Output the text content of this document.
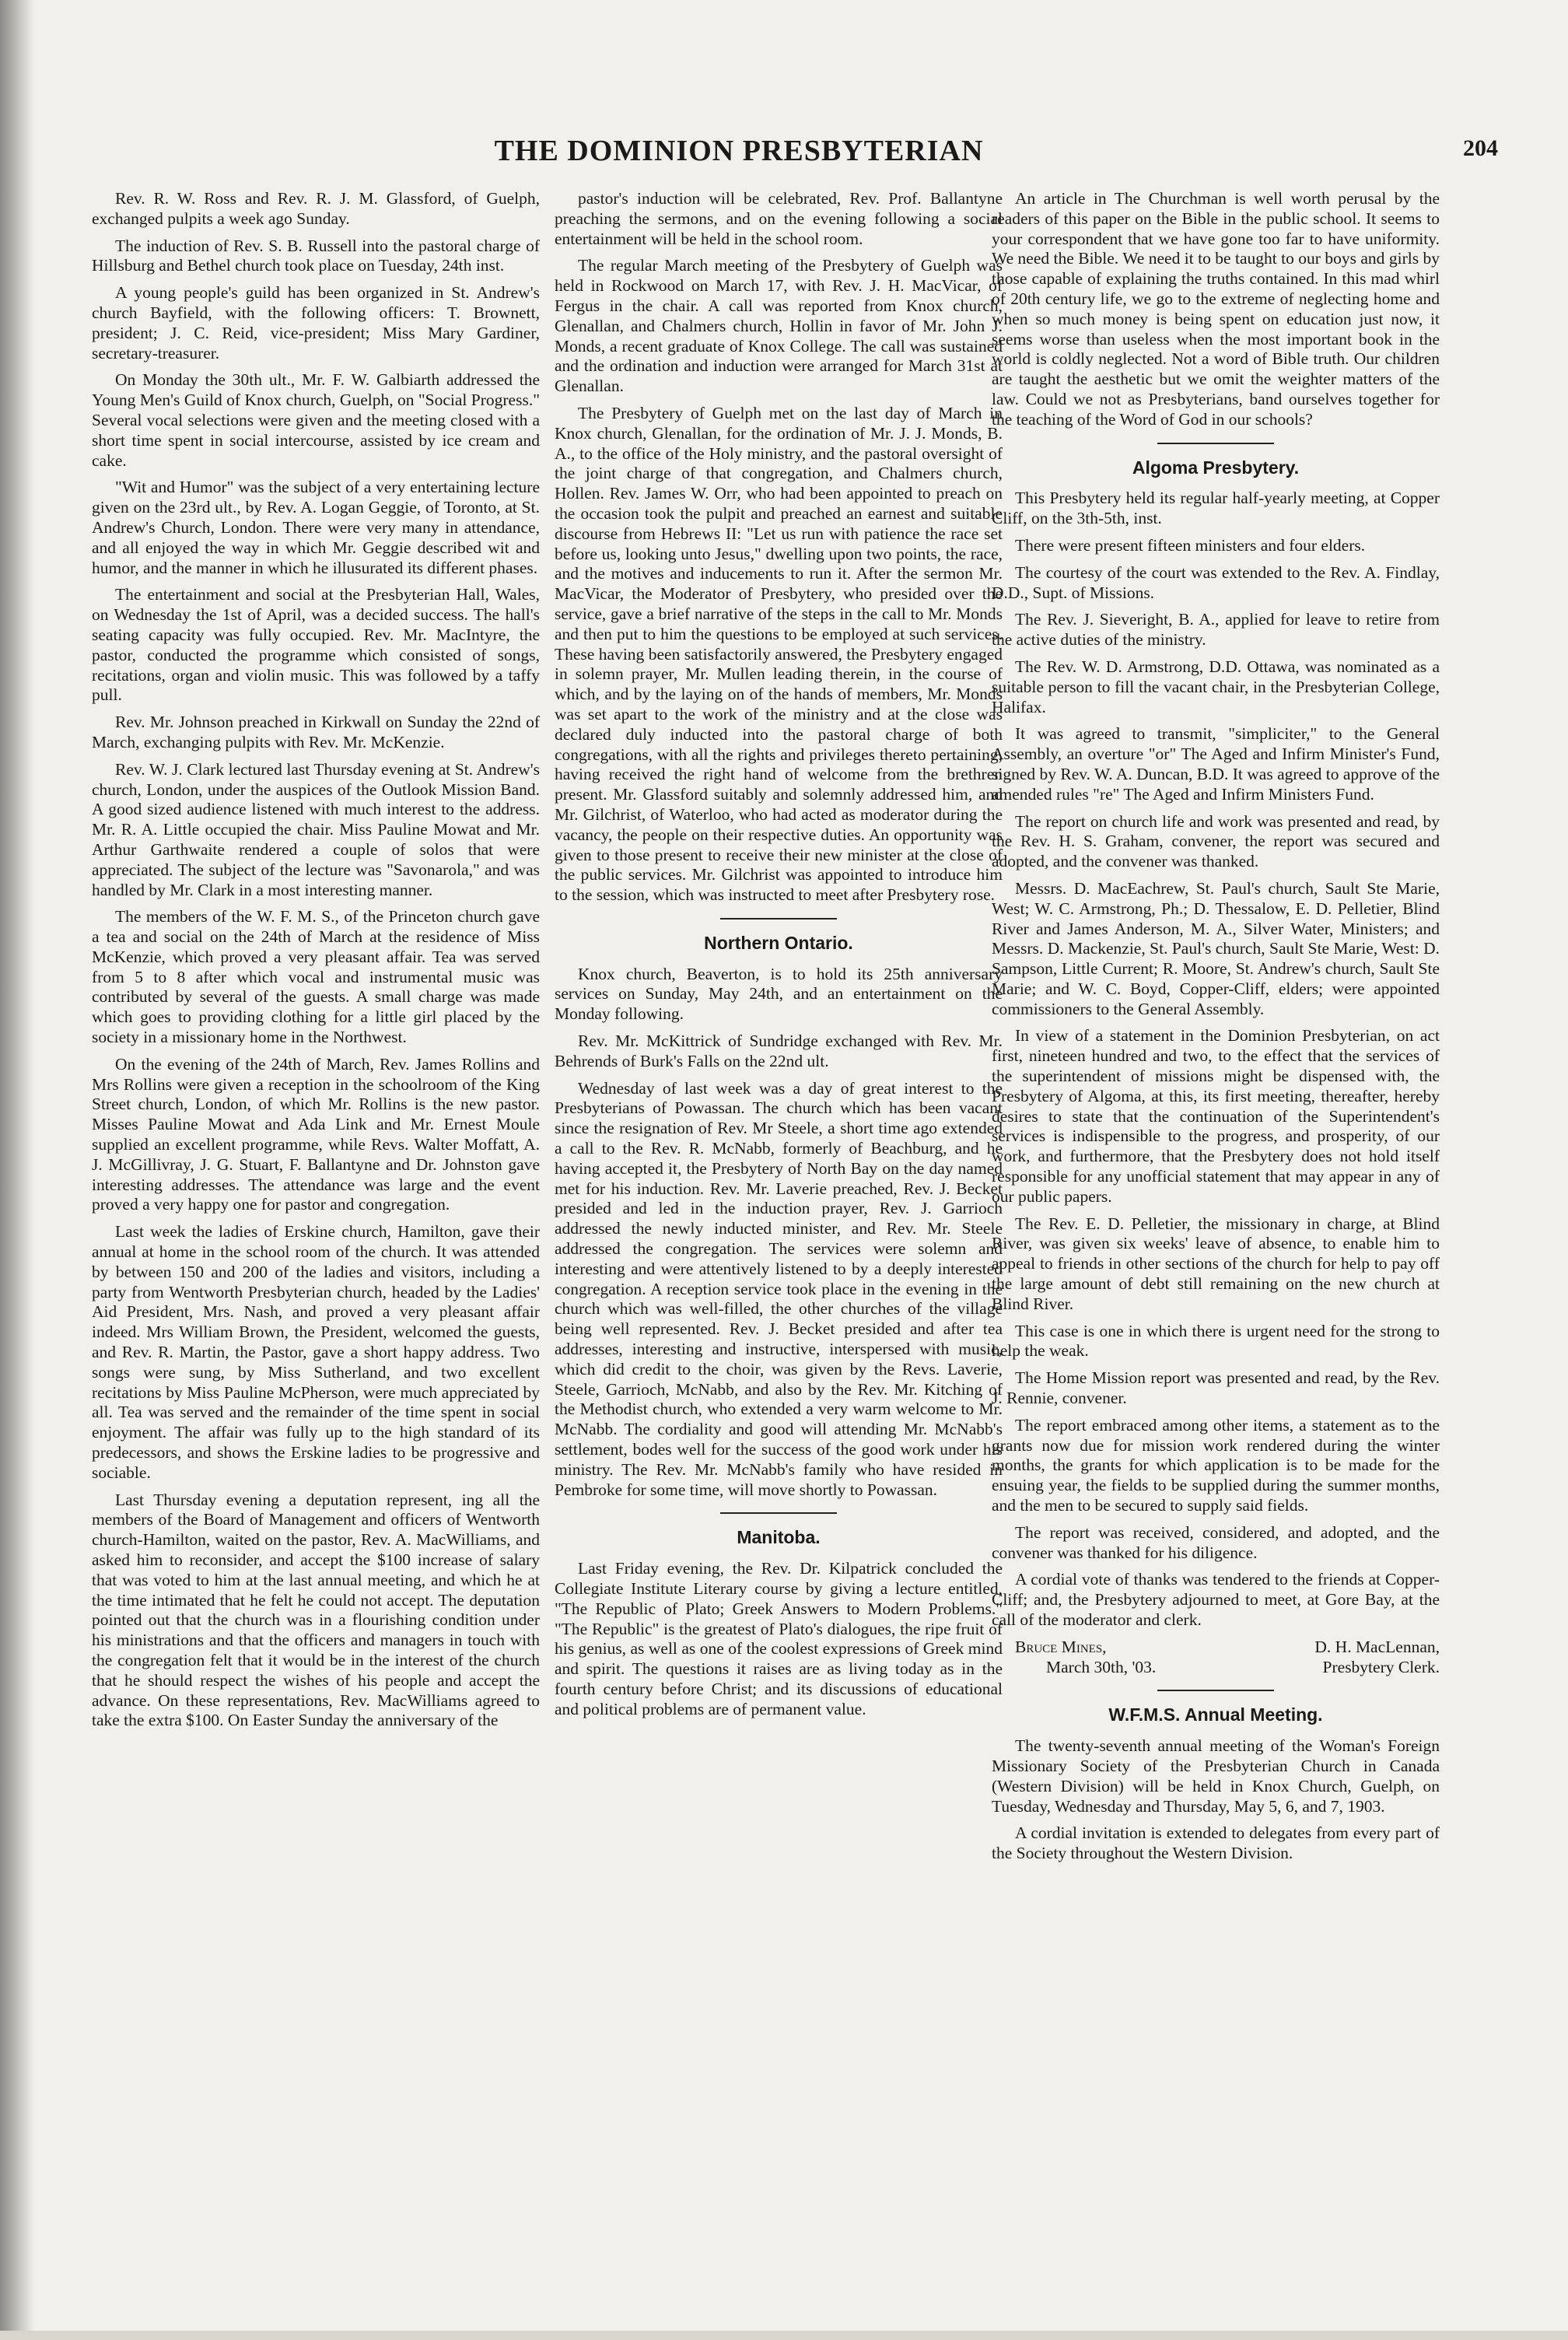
THE DOMINION PRESBYTERIAN	204

Rev. R. W. Ross and Rev. R. J. M. Glassford, of Guelph, exchanged pulpits a week ago Sunday.

The induction of Rev. S. B. Russell into the pastoral charge of Hillsburg and Bethel church took place on Tuesday, 24th inst.

A young people's guild has been organized in St. Andrew's church Bayfield, with the following officers: T. Brownett, president; J. C. Reid, vice-president; Miss Mary Gardiner, secretary-treasurer.

On Monday the 30th ult., Mr. F. W. Galbiarth addressed the Young Men's Guild of Knox church, Guelph, on "Social Progress." Several vocal selections were given and the meeting closed with a short time spent in social intercourse, assisted by ice cream and cake.

"Wit and Humor" was the subject of a very entertaining lecture given on the 23rd ult., by Rev. A. Logan Geggie, of Toronto, at St. Andrew's Church, London. There were very many in attendance, and all enjoyed the way in which Mr. Geggie described wit and humor, and the manner in which he illusurated its different phases.

The entertainment and social at the Presbyterian Hall, Wales, on Wednesday the 1st of April, was a decided success. The hall's seating capacity was fully occupied. Rev. Mr. MacIntyre, the pastor, conducted the programme which consisted of songs, recitations, organ and violin music. This was followed by a taffy pull.

Rev. Mr. Johnson preached in Kirkwall on Sunday the 22nd of March, exchanging pulpits with Rev. Mr. McKenzie.

Rev. W. J. Clark lectured last Thursday evening at St. Andrew's church, London, under the auspices of the Outlook Mission Band. A good sized audience listened with much interest to the address. Mr. R. A. Little occupied the chair. Miss Pauline Mowat and Mr. Arthur Garthwaite rendered a couple of solos that were appreciated. The subject of the lecture was "Savonarola," and was handled by Mr. Clark in a most interesting manner.

The members of the W. F. M. S., of the Princeton church gave a tea and social on the 24th of March at the residence of Miss McKenzie, which proved a very pleasant affair. Tea was served from 5 to 8 after which vocal and instrumental music was contributed by several of the guests. A small charge was made which goes to providing clothing for a little girl placed by the society in a missionary home in the Northwest.

On the evening of the 24th of March, Rev. James Rollins and Mrs Rollins were given a reception in the schoolroom of the King Street church, London, of which Mr. Rollins is the new pastor. Misses Pauline Mowat and Ada Link and Mr. Ernest Moule supplied an excellent programme, while Revs. Walter Moffatt, A. J. McGillivray, J. G. Stuart, F. Ballantyne and Dr. Johnston gave interesting addresses. The attendance was large and the event proved a very happy one for pastor and congregation.

Last week the ladies of Erskine church, Hamilton, gave their annual at home in the school room of the church. It was attended by between 150 and 200 of the ladies and visitors, including a party from Wentworth Presbyterian church, headed by the Ladies' Aid President, Mrs. Nash, and proved a very pleasant affair indeed. Mrs William Brown, the President, welcomed the guests, and Rev. R. Martin, the Pastor, gave a short happy address. Two songs were sung, by Miss Sutherland, and two excellent recitations by Miss Pauline McPherson, were much appreciated by all. Tea was served and the remainder of the time spent in social enjoyment. The affair was fully up to the high standard of its predecessors, and shows the Erskine ladies to be progressive and sociable.

Last Thursday evening a deputation represent, ing all the members of the Board of Management and officers of Wentworth church-Hamilton, waited on the pastor, Rev. A. MacWilliams, and asked him to reconsider, and accept the $100 increase of salary that was voted to him at the last annual meeting, and which he at the time intimated that he felt he could not accept. The deputation pointed out that the church was in a flourishing condition under his ministrations and that the officers and managers in touch with the congregation felt that it would be in the interest of the church that he should respect the wishes of his people and accept the advance. On these representations, Rev. MacWilliams agreed to take the extra $100. On Easter Sunday the anniversary of the

pastor's induction will be celebrated, Rev. Prof. Ballantyne preaching the sermons, and on the evening following a social entertainment will be held in the school room.

The regular March meeting of the Presbytery of Guelph was held in Rockwood on March 17, with Rev. J. H. MacVicar, of Fergus in the chair. A call was reported from Knox church, Glenallan, and Chalmers church, Hollin in favor of Mr. John J. Monds, a recent graduate of Knox College. The call was sustained and the ordination and induction were arranged for March 31st at Glenallan.

The Presbytery of Guelph met on the last day of March in Knox church, Glenallan, for the ordination of Mr. J. J. Monds, B. A., to the office of the Holy ministry, and the pastoral oversight of the joint charge of that congregation, and Chalmers church, Hollen. Rev. James W. Orr, who had been appointed to preach on the occasion took the pulpit and preached an earnest and suitable discourse from Hebrews II: "Let us run with patience the race set before us, looking unto Jesus," dwelling upon two points, the race, and the motives and inducements to run it. After the sermon Mr. MacVicar, the Moderator of Presbytery, who presided over the service, gave a brief narrative of the steps in the call to Mr. Monds and then put to him the questions to be employed at such services. These having been satisfactorily answered, the Presbytery engaged in solemn prayer, Mr. Mullen leading therein, in the course of which, and by the laying on of the hands of members, Mr. Monds was set apart to the work of the ministry and at the close was declared duly inducted into the pastoral charge of both congregations, with all the rights and privileges thereto pertaining, having received the right hand of welcome from the brethren present. Mr. Glassford suitably and solemnly addressed him, and Mr. Gilchrist, of Waterloo, who had acted as moderator during the vacancy, the people on their respective duties. An opportunity was given to those present to receive their new minister at the close of the public services. Mr. Gilchrist was appointed to introduce him to the session, which was instructed to meet after Presbytery rose.

Northern Ontario.

Knox church, Beaverton, is to hold its 25th anniversary services on Sunday, May 24th, and an entertainment on the Monday following.

Rev. Mr. McKittrick of Sundridge exchanged with Rev. Mr. Behrends of Burk's Falls on the 22nd ult.

Wednesday of last week was a day of great interest to the Presbyterians of Powassan. The church which has been vacant since the resignation of Rev. Mr Steele, a short time ago extended a call to the Rev. R. McNabb, formerly of Beachburg, and he having accepted it, the Presbytery of North Bay on the day named met for his induction. Rev. Mr. Laverie preached, Rev. J. Becket presided and led in the induction prayer, Rev. J. Garrioch addressed the newly inducted minister, and Rev. Mr. Steele addressed the congregation. The services were solemn and interesting and were attentively listened to by a deeply interested congregation. A reception service took place in the evening in the church which was well-filled, the other churches of the village being well represented. Rev. J. Becket presided and after tea addresses, interesting and instructive, interspersed with music, which did credit to the choir, was given by the Revs. Laverie, Steele, Garrioch, McNabb, and also by the Rev. Mr. Kitching of the Methodist church, who extended a very warm welcome to Mr. McNabb. The cordiality and good will attending Mr. McNabb's settlement, bodes well for the success of the good work under his ministry. The Rev. Mr. McNabb's family who have resided in Pembroke for some time, will move shortly to Powassan.

Manitoba.

Last Friday evening, the Rev. Dr. Kilpatrick concluded the Collegiate Institute Literary course by giving a lecture entitled, "The Republic of Plato; Greek Answers to Modern Problems." "The Republic" is the greatest of Plato's dialogues, the ripe fruit of his genius, as well as one of the coolest expressions of Greek mind and spirit. The questions it raises are as living today as in the fourth century before Christ; and its discussions of educational and political problems are of permanent value.

An article in The Churchman is well worth perusal by the readers of this paper on the Bible in the public school. It seems to your correspondent that we have gone too far to have uniformity. We need the Bible. We need it to be taught to our boys and girls by those capable of explaining the truths contained. In this mad whirl of 20th century life, we go to the extreme of neglecting home and when so much money is being spent on education just now, it seems worse than useless when the most important book in the world is coldly neglected. Not a word of Bible truth. Our children are taught the aesthetic but we omit the weighter matters of the law. Could we not as Presbyterians, band ourselves together for the teaching of the Word of God in our schools?

Algoma Presbytery.

This Presbytery held its regular half-yearly meeting, at Copper Cliff, on the 3th-5th, inst.

There were present fifteen ministers and four elders.

The courtesy of the court was extended to the Rev. A. Findlay, D.D., Supt. of Missions.

The Rev. J. Sieveright, B. A., applied for leave to retire from the active duties of the ministry.

The Rev. W. D. Armstrong, D.D. Ottawa, was nominated as a suitable person to fill the vacant chair, in the Presbyterian College, Halifax.

It was agreed to transmit, "simpliciter," to the General Assembly, an overture "or" The Aged and Infirm Minister's Fund, signed by Rev. W. A. Duncan, B.D. It was agreed to approve of the amended rules "re" The Aged and Infirm Ministers Fund.

The report on church life and work was presented and read, by the Rev. H. S. Graham, convener, the report was secured and adopted, and the convener was thanked.

Messrs. D. MacEachrew, St. Paul's church, Sault Ste Marie, West; W. C. Armstrong, Ph.; D. Thessalow, E. D. Pelletier, Blind River and James Anderson, M. A., Silver Water, Ministers; and Messrs. D. Mackenzie, St. Paul's church, Sault Ste Marie, West: D. Sampson, Little Current; R. Moore, St. Andrew's church, Sault Ste Marie; and W. C. Boyd, Copper-Cliff, elders; were appointed commissioners to the General Assembly.

In view of a statement in the Dominion Presbyterian, on act first, nineteen hundred and two, to the effect that the services of the superintendent of missions might be dispensed with, the Presbytery of Algoma, at this, its first meeting, thereafter, hereby desires to state that the continuation of the Superintendent's services is indispensible to the progress, and prosperity, of our work, and furthermore, that the Presbytery does not hold itself responsible for any unofficial statement that may appear in any of our public papers.

The Rev. E. D. Pelletier, the missionary in charge, at Blind River, was given six weeks' leave of absence, to enable him to appeal to friends in other sections of the church for help to pay off the large amount of debt still remaining on the new church at Blind River.

This case is one in which there is urgent need for the strong to help the weak.

The Home Mission report was presented and read, by the Rev. J. Rennie, convener.

The report embraced among other items, a statement as to the grants now due for mission work rendered during the winter months, the grants for which application is to be made for the ensuing year, the fields to be supplied during the summer months, and the men to be secured to supply said fields.

The report was received, considered, and adopted, and the convener was thanked for his diligence.

A cordial vote of thanks was tendered to the friends at Copper-Cliff; and, the Presbytery adjourned to meet, at Gore Bay, at the call of the moderator and clerk.

Bruce Mines,	D. H. MacLennan,
March 30th, '03.	Presbytery Clerk.
W.F.M.S. Annual Meeting.

The twenty-seventh annual meeting of the Woman's Foreign Missionary Society of the Presbyterian Church in Canada (Western Division) will be held in Knox Church, Guelph, on Tuesday, Wednesday and Thursday, May 5, 6, and 7, 1903.

A cordial invitation is extended to delegates from every part of the Society throughout the Western Division.
